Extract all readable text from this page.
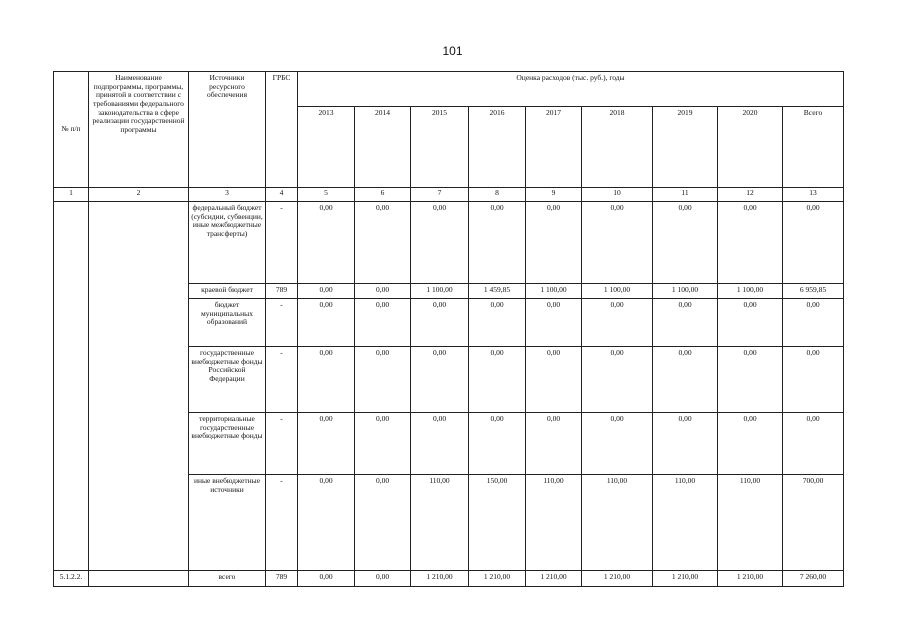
101
№ п/п	Наименование подпрограммы, программы, принятой в соответствии с требованиями федерального законодательства в сфере реализации государственной программы	Источники ресурсного обеспечения	ГРБС	Оценка расходов (тыс. руб.), годы								
				2013	2014	2015	2016	2017	2018	2019	2020	Всего
1	2	3	4	5	6	7	8	9	10	11	12	13
		федеральный бюджет (субсидии, субвенции, иные межбюджетные трансферты)	-	0,00	0,00	0,00	0,00	0,00	0,00	0,00	0,00	0,00
		краевой бюджет	789	0,00	0,00	1 100,00	1 459,85	1 100,00	1 100,00	1 100,00	1 100,00	6 959,85
		бюджет муниципальных образований	-	0,00	0,00	0,00	0,00	0,00	0,00	0,00	0,00	0,00
		государственные внебюджетные фонды Российской Федерации	-	0,00	0,00	0,00	0,00	0,00	0,00	0,00	0,00	0,00
		территориальные государственные внебюджетные фонды	-	0,00	0,00	0,00	0,00	0,00	0,00	0,00	0,00	0,00
		иные внебюджетные источники	-	0,00	0,00	110,00	150,00	110,00	110,00	110,00	110,00	700,00
5.1.2.2.		всего	789	0,00	0,00	1 210,00	1 210,00	1 210,00	1 210,00	1 210,00	1 210,00	7 260,00
